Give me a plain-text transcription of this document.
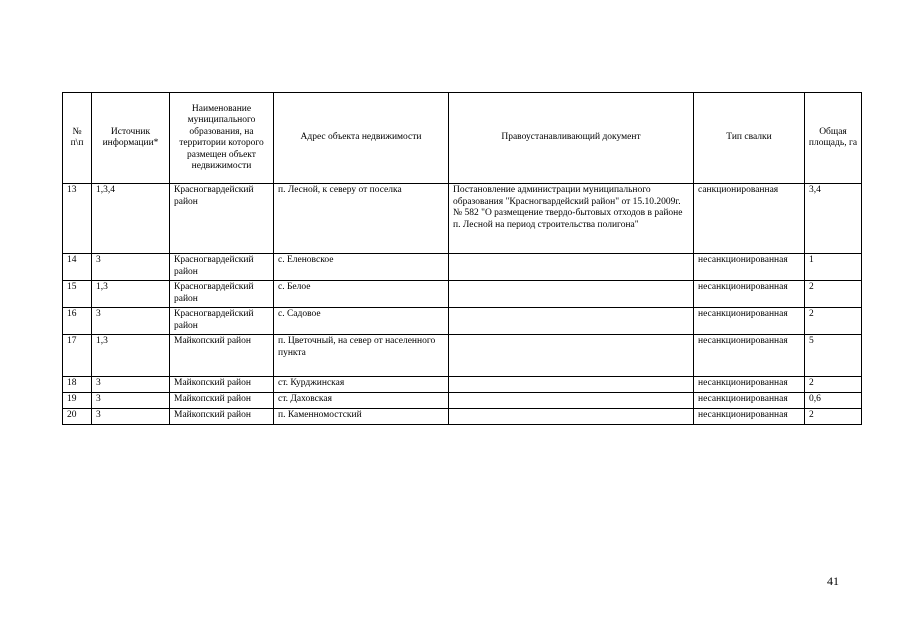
№ п\п	Источник информации*	Наименование муниципального образования, на территории которого размещен объект недвижимости	Адрес объекта недвижимости	Правоустанавливающий документ	Тип свалки	Общая площадь, га
13	1,3,4	Красногвардейский район	п. Лесной, к северу от поселка	Постановление администрации муниципального образования "Красногвардейский район" от 15.10.2009г. № 582 "О размещение твердо-бытовых отходов в районе п. Лесной на период строительства полигона"	санкционированная	3,4
14	3	Красногвардейский район	с. Еленовское		несанкционированная	1
15	1,3	Красногвардейский район	с. Белое		несанкционированная	2
16	3	Красногвардейский район	с. Садовое		несанкционированная	2
17	1,3	Майкопский район	п. Цветочный, на север от населенного пункта		несанкционированная	5
18	3	Майкопский район	ст. Курджинская		несанкционированная	2
19	3	Майкопский район	ст. Даховская		несанкционированная	0,6
20	3	Майкопский район	п. Каменномостский		несанкционированная	2
41
